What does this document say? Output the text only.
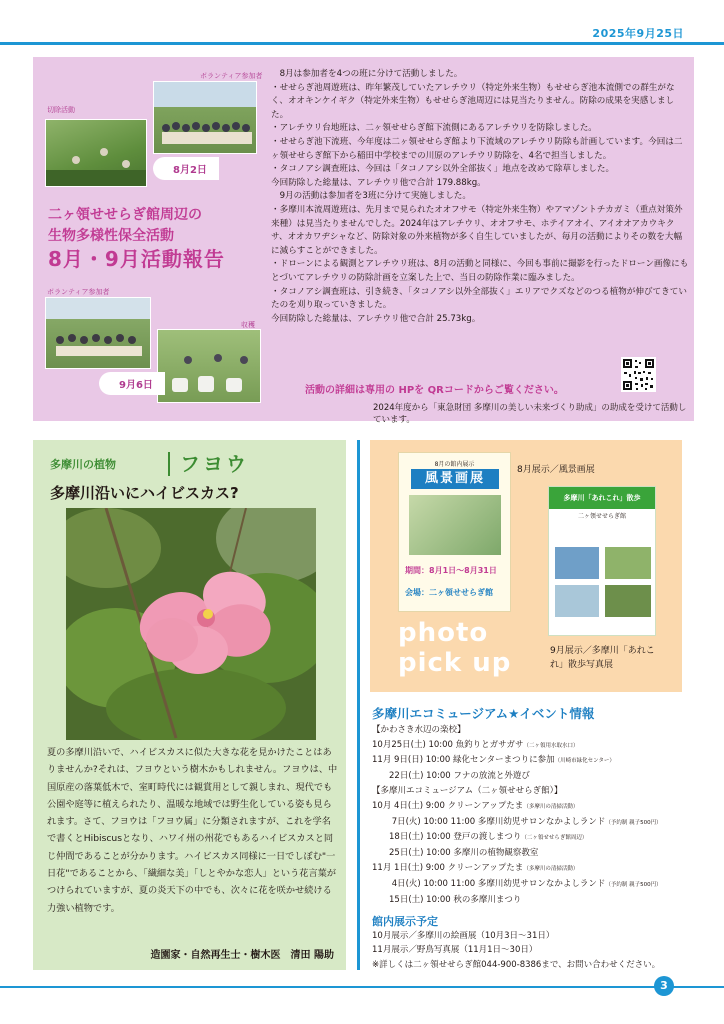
2025年9月25日
ボランティア参加者
切除活動
8月2日
二ヶ領せせらぎ館周辺の
生物多様性保全活動
8月・9月活動報告
ボランティア参加者
収穫
9月6日

　8月は参加者を4つの班に分けて活動しました。

・せせらぎ池周遊班は、昨年繁茂していたアレチウリ（特定外来生物）もせせらぎ池本流側での群生がなく、オオキンケイギク（特定外来生物）もせせらぎ池周辺には見当たりません。防除の成果を実感しました。

・アレチウリ台地班は、二ヶ領せせらぎ館下流側にあるアレチウリを防除しました。

・せせらぎ池下流班、今年度は二ヶ領せせらぎ館より下流域のアレチウリ防除も計画しています。今回は二ヶ領せせらぎ館下から稲田中学校までの川原のアレチウリ防除を、4名で担当しました。

・タコノアシ調査班は、今回は「タコノアシ以外全部抜く」地点を改めて除草しました。

今回防除した総量は、アレチウリ他で合計 179.88kg。

　9月の活動は参加者を3班に分けて実施しました。

・多摩川本流周遊班は、先月まで見られたオオフサモ（特定外来生物）やアマゾントチカガミ（重点対策外来種）は見当たりませんでした。2024年はアレチウリ、オオフサモ、ホテイアオイ、アイオオアカウキクサ、オオカワヂシャなど、防除対象の外来植物が多く自生していましたが、毎月の活動によりその数を大幅に減らすことができました。

・ドローンによる観測とアレチウリ班は、8月の活動と同様に、今回も事前に撮影を行ったドローン画像にもとづいてアレチウリの防除計画を立案した上で、当日の防除作業に臨みました。

・タコノアシ調査班は、引き続き、「タコノアシ以外全部抜く」エリアでクズなどのつる植物が伸びてきていたのを刈り取っていきました。

今回防除した総量は、アレチウリ他で合計 25.73kg。

活動の詳細は専用の HPを QRコードからご覧ください。
2024年度から「東急財団 多摩川の美しい未来づくり助成」の助成を受けて活動しています。
多摩川の植物	フヨウ
多摩川沿いにハイビスカス?
夏の多摩川沿いで、ハイビスカスに似た大きな花を見かけたことはありませんか?それは、フヨウという樹木かもしれません。フヨウは、中国原産の落葉低木で、室町時代には観賞用として親しまれ、現代でも公園や庭等に植えられたり、温暖な地域では野生化している姿も見られます。さて、フヨウは「フヨウ属」に分類されますが、これを学名で書くとHibiscusとなり、ハワイ州の州花でもあるハイビスカスと同じ仲間であることが分かります。ハイビスカス同様に一日でしぼむ"一日花"であることから、「繊細な美」「しとやかな恋人」という花言葉がつけられていますが、夏の炎天下の中でも、次々に花を咲かせ続ける力強い植物です。
造園家・自然再生士・樹木医　清田 陽助
8月の館内展示
風景画展
期間：8月1日〜8月31日
会場：二ヶ領せせらぎ館
8月展示／風景画展
多摩川「あれこれ」散歩
二ヶ領せせらぎ館
photo
pick up	9月展示／多摩川「あれこれ」散歩写真展
多摩川エコミュージアム★イベント情報
【かわさき水辺の楽校】
10月25日(土) 10:00 魚釣りとガサガサ（二ヶ領用水取水口）
11月 9日(日) 10:00 緑化センターまつりに参加（川崎市緑化センター）
　　22日(土) 10:00 フナの放流と外遊び
【多摩川エコミュージアム（二ヶ領せせらぎ館）】
10月 4日(土) 9:00 クリーンアップたま（多摩川の清掃活動）
　　 7日(火) 10:00 11:00 多摩川幼児サロンなかよしランド（予約制 親子500円）
　　18日(土) 10:00 登戸の渡しまつり（二ヶ領せせらぎ館周辺）
　　25日(土) 10:00 多摩川の植物観察教室
11月 1日(土) 9:00 クリーンアップたま（多摩川の清掃活動）
　　 4日(火) 10:00 11:00 多摩川幼児サロンなかよしランド（予約制 親子500円）
　　15日(土) 10:00 秋の多摩川まつり
館内展示予定
10月展示／多摩川の絵画展（10月3日〜31日）
11月展示／野鳥写真展（11月1日〜30日）
※詳しくは二ヶ領せせらぎ館044-900-8386まで、お問い合わせください。
3
